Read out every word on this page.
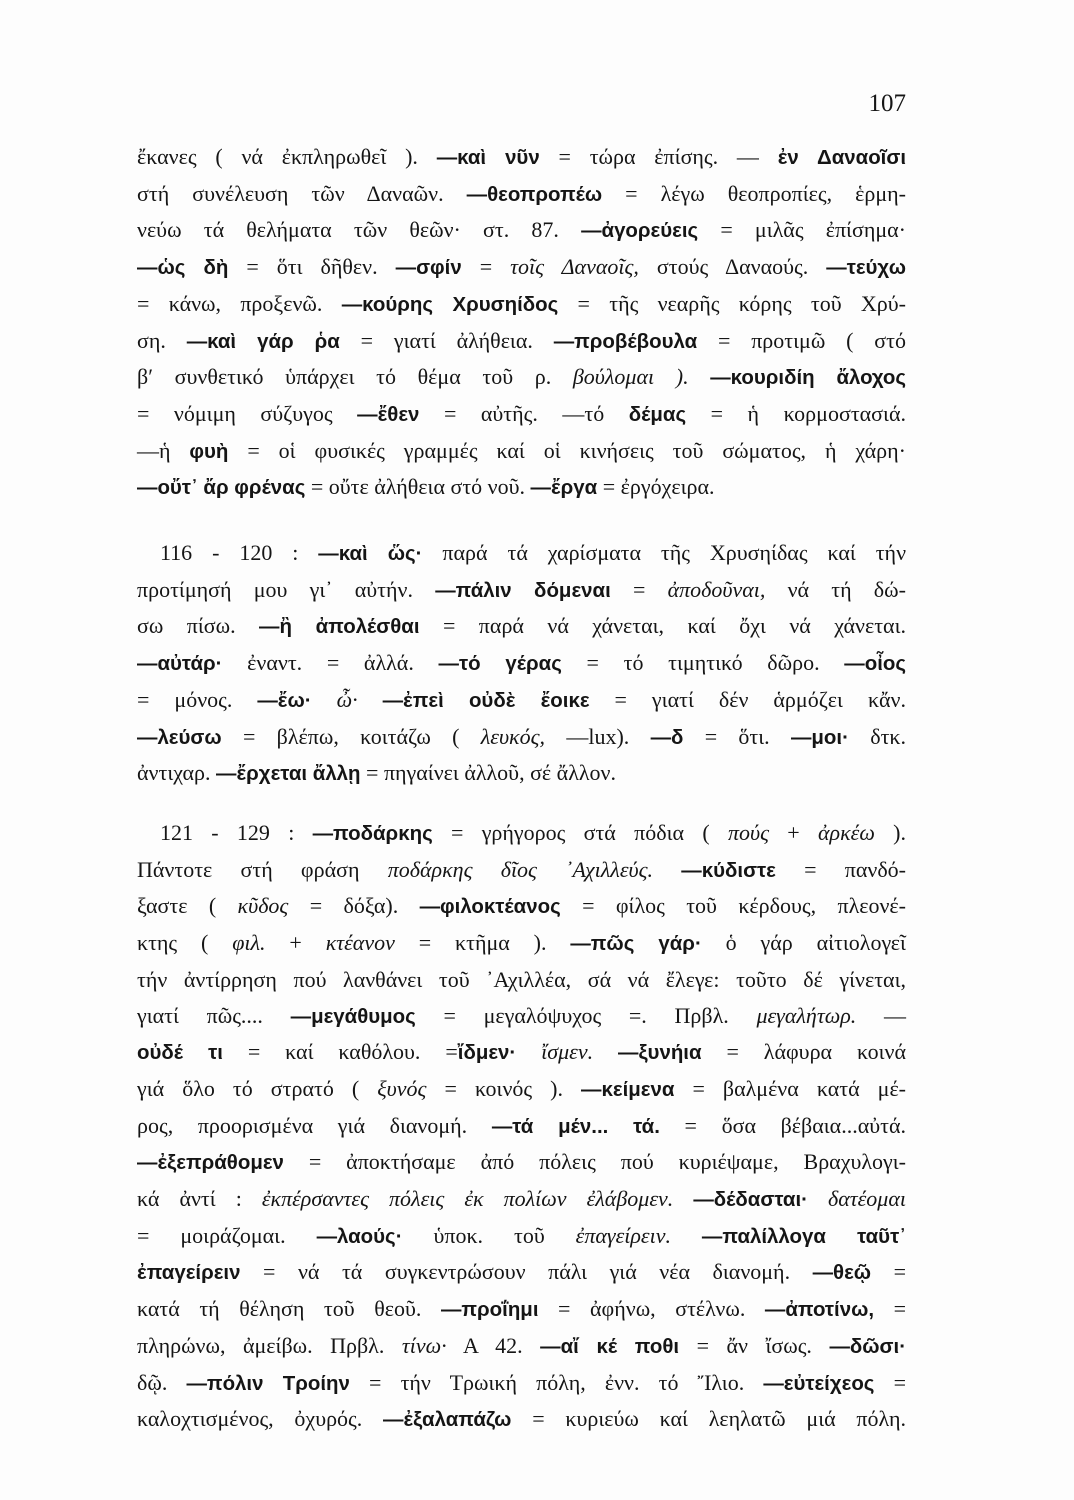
107
ἔκανες ( νά ἐκπληρωθεῖ ). —καὶ νῦν = τώρα ἐπίσης. — ἐν Δαναοῖσι
στή συνέλευση τῶν Δαναῶν. —θεοπροπέω = λέγω θεοπροπίες, ἑρμη-
νεύω τά θελήματα τῶν θεῶν· στ. 87. —ἀγορεύεις = μιλᾶς ἐπίσημα·
—ὡς δὴ = ὅτι δῆθεν. —σφίν = τοῖς Δαναοῖς, στούς Δαναούς. —τεύχω
= κάνω, προξενῶ. —κούρης Χρυσηίδος = τῆς νεαρῆς κόρης τοῦ Χρύ-
ση. —καὶ γάρ ῥα = γιατί ἀλήθεια. —προβέβουλα = προτιμῶ ( στό
β′ συνθετικό ὑπάρχει τό θέμα τοῦ ρ. βούλομαι ). —κουριδίη ἄλοχος
= νόμιμη σύζυγος —ἔθεν = αὐτῆς. —τό δέμας = ἡ κορμοστασιά.
—ἡ φυὴ = οἱ φυσικές γραμμές καί οἱ κινήσεις τοῦ σώματος, ἡ χάρη·
—οὔτ᾽ ἄρ φρένας = οὔτε ἀλήθεια στό νοῦ. —ἔργα = ἐργόχειρα.
116 - 120 : —καὶ ὥς· παρά τά χαρίσματα τῆς Χρυσηίδας καί τήν
προτίμησή μου γι᾽ αὐτήν. —πάλιν δόμεναι = ἀποδοῦναι, νά τή δώ-
σω πίσω. —ἢ ἀπολέσθαι = παρά νά χάνεται, καί ὄχι νά χάνεται.
—αὐτάρ· ἐναντ. = ἀλλά. —τό γέρας = τό τιμητικό δῶρο. —οἶος
= μόνος. —ἔω· ὦ· —ἐπεὶ οὐδὲ ἔοικε = γιατί δέν ἁρμόζει κἄν.
—λεύσω = βλέπω, κοιτάζω ( λευκός, —lux). —δ = ὅτι. —μοι· δτκ.
ἀντιχαρ. —ἔρχεται ἄλλῃ = πηγαίνει ἀλλοῦ, σέ ἄλλον.
121 - 129 : —ποδάρκης = γρήγορος στά πόδια ( πούς + ἀρκέω ).
Πάντοτε στή φράση ποδάρκης δῖος ᾿Αχιλλεύς. —κύδιστε = πανδό-
ξαστε ( κῦδος = δόξα). —φιλοκτέανος = φίλος τοῦ κέρδους, πλεονέ-
κτης ( φιλ. + κτέανον = κτῆμα ). —πῶς γάρ· ὁ γάρ αἰτιολογεῖ
τήν ἀντίρρηση πού λανθάνει τοῦ ᾿Αχιλλέα, σά νά ἔλεγε: τοῦτο δέ γίνεται,
γιατί πῶς.... —μεγάθυμος = μεγαλόψυχος =. Πρβλ. μεγαλήτωρ. —
οὐδέ τι = καί καθόλου. =ἴδμεν· ἴσμεν. —ξυνήια = λάφυρα κοινά
γιά ὅλο τό στρατό ( ξυνός = κοινός ). —κείμενα = βαλμένα κατά μέ-
ρος, προορισμένα γιά διανομή. —τά μέν... τά. = ὅσα βέβαια...αὐτά.
—ἐξεπράθομεν = ἀποκτήσαμε ἀπό πόλεις πού κυριέψαμε, Βραχυλογι-
κά ἀντί : ἐκπέρσαντες πόλεις ἐκ πολίων ἐλάβομεν. —δέδασται· δατέομαι
= μοιράζομαι. —λαούς· ὑποκ. τοῦ ἐπαγείρειν. —παλίλλογα ταῦτ᾽
ἐπαγείρειν = νά τά συγκεντρώσουν πάλι γιά νέα διανομή. —θεῷ =
κατά τή θέληση τοῦ θεοῦ. —προΐημι = ἀφήνω, στέλνω. —ἀποτίνω, =
πληρώνω, ἀμείβω. Πρβλ. τίνω· Α 42. —αἴ κέ ποθι = ἄν ἴσως. —δῶσι·
δῷ. —πόλιν Τροίην = τήν Τρωική πόλη, ἐνν. τό Ἴλιο. —εὐτείχεος =
καλοχτισμένος, ὀχυρός. —ἐξαλαπάζω = κυριεύω καί λεηλατῶ μιά πόλη.
